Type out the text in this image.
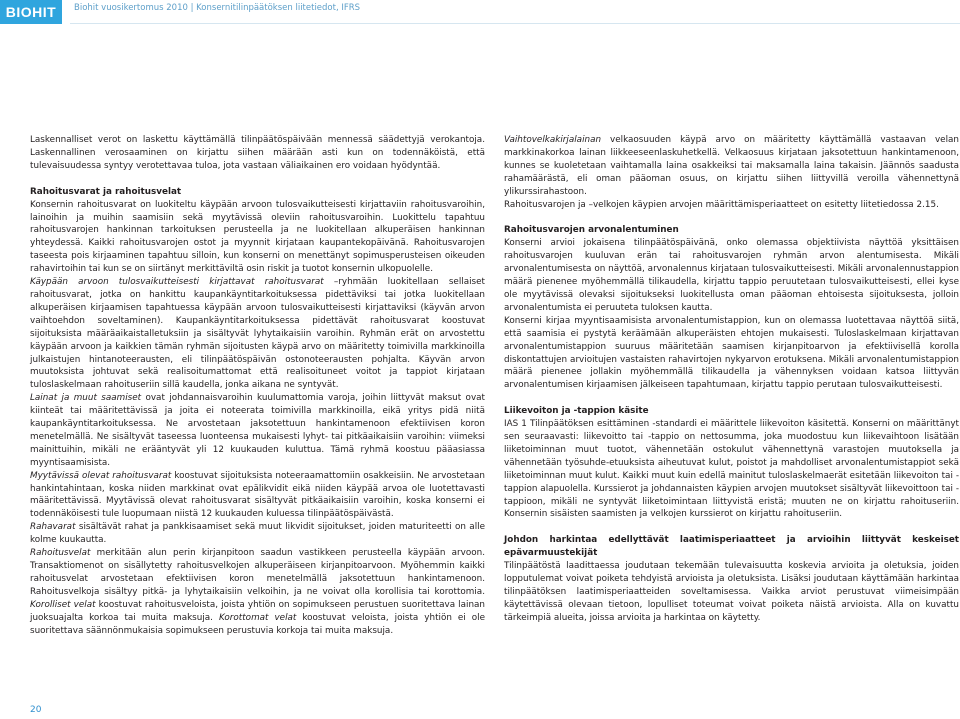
BIOHIT	Biohit vuosikertomus 2010 | Konsernitilinpäätöksen liitetiedot, IFRS

Laskennalliset verot on laskettu käyttämällä tilinpäätöspäivään mennessä säädettyjä verokantoja. Laskennallinen verosaaminen on kirjattu siihen määrään asti kun on todennäköistä, että tulevaisuudessa syntyy verotettavaa tuloa, jota vastaan väliaikainen ero voidaan hyödyntää.

Rahoitusvarat ja rahoitusvelat

Konsernin rahoitusvarat on luokiteltu käypään arvoon tulosvaikutteisesti kirjattaviin rahoitusvaroihin, lainoihin ja muihin saamisiin sekä myytävissä oleviin rahoitusvaroihin. Luokittelu tapahtuu rahoitusvarojen hankinnan tarkoituksen perusteella ja ne luokitellaan alkuperäisen hankinnan yhteydessä. Kaikki rahoitusvarojen ostot ja myynnit kirjataan kaupantekopäivänä. Rahoitusvarojen taseesta pois kirjaaminen tapahtuu silloin, kun konserni on menettänyt sopimusperusteisen oikeuden rahavirtoihin tai kun se on siirtänyt merkittäviltä osin riskit ja tuotot konsernin ulkopuolelle.

Käypään arvoon tulosvaikutteisesti kirjattavat rahoitusvarat –ryhmään luokitellaan sellaiset rahoitusvarat, jotka on hankittu kaupankäyntitarkoituksessa pidettäviksi tai jotka luokitellaan alkuperäisen kirjaamisen tapahtuessa käypään arvoon tulosvaikutteisesti kirjattaviksi (käyvän arvon vaihtoehdon soveltaminen). Kaupankäyntitarkoituksessa pidettävät rahoitusvarat koostuvat sijoituksista määräaikaistalletuksiin ja sisältyvät lyhytaikaisiin varoihin. Ryhmän erät on arvostettu käypään arvoon ja kaikkien tämän ryhmän sijoitusten käypä arvo on määritetty toimivilla markkinoilla julkaistujen hintanoteerausten, eli tilinpäätöspäivän ostonoteerausten pohjalta. Käyvän arvon muutoksista johtuvat sekä realisoitumattomat että realisoituneet voitot ja tappiot kirjataan tuloslaskelmaan rahoituseriin sillä kaudella, jonka aikana ne syntyvät.

Lainat ja muut saamiset ovat johdannaisvaroihin kuulumattomia varoja, joihin liittyvät maksut ovat kiinteät tai määritettävissä ja joita ei noteerata toimivilla markkinoilla, eikä yritys pidä niitä kaupankäyntitarkoituksessa. Ne arvostetaan jaksotettuun hankintamenoon efektiivisen koron menetelmällä. Ne sisältyvät taseessa luonteensa mukaisesti lyhyt- tai pitkäaikaisiin varoihin: viimeksi mainittuihin, mikäli ne erääntyvät yli 12 kuukauden kuluttua. Tämä ryhmä koostuu pääasiassa myyntisaamisista.

Myytävissä olevat rahoitusvarat koostuvat sijoituksista noteeraamattomiin osakkeisiin. Ne arvostetaan hankintahintaan, koska niiden markkinat ovat epälikvidit eikä niiden käypää arvoa ole luotettavasti määritettävissä. Myytävissä olevat rahoitusvarat sisältyvät pitkäaikaisiin varoihin, koska konserni ei todennäköisesti tule luopumaan niistä 12 kuukauden kuluessa tilinpäätöspäivästä.

Rahavarat sisältävät rahat ja pankkisaamiset sekä muut likvidit sijoitukset, joiden maturiteetti on alle kolme kuukautta.

Rahoitusvelat merkitään alun perin kirjanpitoon saadun vastikkeen perusteella käypään arvoon. Transaktiomenot on sisällytetty rahoitusvelkojen alkuperäiseen kirjanpitoarvoon. Myöhemmin kaikki rahoitusvelat arvostetaan efektiivisen koron menetelmällä jaksotettuun hankintamenoon. Rahoitusvelkoja sisältyy pitkä- ja lyhytaikaisiin velkoihin, ja ne voivat olla korollisia tai korottomia. Korolliset velat koostuvat rahoitusveloista, joista yhtiön on sopimukseen perustuen suoritettava lainan juoksuajalta korkoa tai muita maksuja. Korottomat velat koostuvat veloista, joista yhtiön ei ole suoritettava säännönmukaisia sopimukseen perustuvia korkoja tai muita maksuja.

Vaihtovelkakirjalainan velkaosuuden käypä arvo on määritetty käyttämällä vastaavan velan markkinakorkoa lainan liikkeeseenlaskuhetkellä. Velkaosuus kirjataan jaksotettuun hankintamenoon, kunnes se kuoletetaan vaihtamalla laina osakkeiksi tai maksamalla laina takaisin. Jäännös saadusta rahamäärästä, eli oman pääoman osuus, on kirjattu siihen liittyvillä veroilla vähennettynä ylikurssirahastoon.

Rahoitusvarojen ja –velkojen käypien arvojen määrittämisperiaatteet on esitetty liitetiedossa 2.15.

Rahoitusvarojen arvonalentuminen

Konserni arvioi jokaisena tilinpäätöspäivänä, onko olemassa objektiivista näyttöä yksittäisen rahoitusvarojen kuuluvan erän tai rahoitusvarojen ryhmän arvon alentumisesta. Mikäli arvonalentumisesta on näyttöä, arvonalennus kirjataan tulosvaikutteisesti. Mikäli arvonalennustappion määrä pienenee myöhemmällä tilikaudella, kirjattu tappio peruutetaan tulosvaikutteisesti, ellei kyse ole myytävissä olevaksi sijoitukseksi luokitellusta oman pääoman ehtoisesta sijoituksesta, jolloin arvonalentumista ei peruuteta tuloksen kautta.

Konserni kirjaa myyntisaamisista arvonalentumistappion, kun on olemassa luotettavaa näyttöä siitä, että saamisia ei pystytä keräämään alkuperäisten ehtojen mukaisesti. Tuloslaskelmaan kirjattavan arvonalentumistappion suuruus määritetään saamisen kirjanpitoarvon ja efektiivisellä korolla diskontattujen arvioitujen vastaisten rahavirtojen nykyarvon erotuksena. Mikäli arvonalentumistappion määrä pienenee jollakin myöhemmällä tilikaudella ja vähennyksen voidaan katsoa liittyvän arvonalentumisen kirjaamisen jälkeiseen tapahtumaan, kirjattu tappio perutaan tulosvaikutteisesti.

Liikevoiton ja -tappion käsite

IAS 1 Tilinpäätöksen esittäminen -standardi ei määrittele liikevoiton käsitettä. Konserni on määrittänyt sen seuraavasti: liikevoitto tai -tappio on nettosumma, joka muodostuu kun liikevaihtoon lisätään liiketoiminnan muut tuotot, vähennetään ostokulut vähennettynä varastojen muutoksella ja vähennetään työsuhde-etuuksista aiheutuvat kulut, poistot ja mahdolliset arvonalentumistappiot sekä liiketoiminnan muut kulut. Kaikki muut kuin edellä mainitut tuloslaskelmaerät esitetään liikevoiton tai -tappion alapuolella. Kurssierot ja johdannaisten käypien arvojen muutokset sisältyvät liikevoittoon tai -tappioon, mikäli ne syntyvät liiketoimintaan liittyvistä eristä; muuten ne on kirjattu rahoituseriin. Konsernin sisäisten saamisten ja velkojen kurssierot on kirjattu rahoituseriin.

Johdon harkintaa edellyttävät laatimisperiaatteet ja arvioihin liittyvät keskeiset epävarmuustekijät

Tilinpäätöstä laadittaessa joudutaan tekemään tulevaisuutta koskevia arvioita ja oletuksia, joiden lopputulemat voivat poiketa tehdyistä arvioista ja oletuksista. Lisäksi joudutaan käyttämään harkintaa tilinpäätöksen laatimisperiaatteiden soveltamisessa. Vaikka arviot perustuvat viimeisimpään käytettävissä olevaan tietoon, lopulliset toteumat voivat poiketa näistä arvioista. Alla on kuvattu tärkeimpiä alueita, joissa arvioita ja harkintaa on käytetty.

20
